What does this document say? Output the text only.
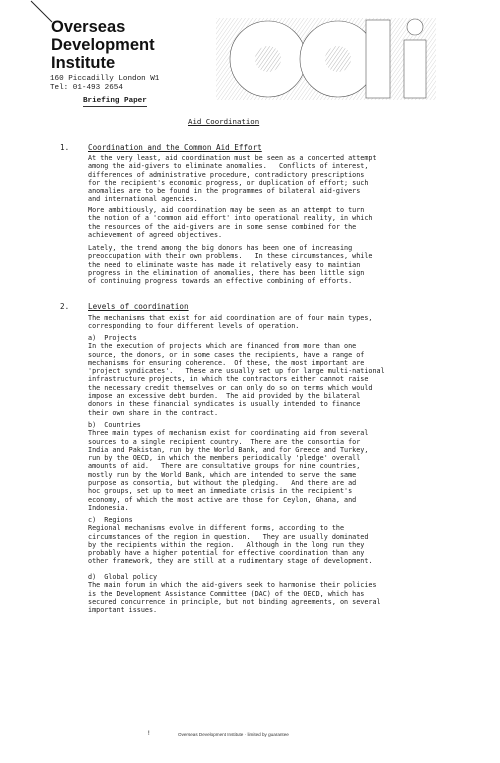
Overseas
Development
Institute
160 Piccadilly London W1
Tel: 01-493 2654
Briefing Paper
Aid Coordination
1. Coordination and the Common Aid Effort
At the very least, aid coordination must be seen as a concerted attempt
among the aid-givers to eliminate anomalies.   Conflicts of interest,
differences of administrative procedure, contradictory prescriptions
for the recipient's economic progress, or duplication of effort; such
anomalies are to be found in the programmes of bilateral aid-givers
and international agencies.
More ambitiously, aid coordination may be seen as an attempt to turn
the notion of a 'common aid effort' into operational reality, in which
the resources of the aid-givers are in some sense combined for the
achievement of agreed objectives.
Lately, the trend among the big donors has been one of increasing
preoccupation with their own problems.   In these circumstances, while
the need to eliminate waste has made it relatively easy to maintian
progress in the elimination of anomalies, there has been little sign
of continuing progress towards an effective combining of efforts.
2. Levels of coordination
The mechanisms that exist for aid coordination are of four main types,
corresponding to four different levels of operation.
a)  Projects
In the execution of projects which are financed from more than one
source, the donors, or in some cases the recipients, have a range of
mechanisms for ensuring coherence.  Of these, the most important are
'project syndicates'.   These are usually set up for large multi-national
infrastructure projects, in which the contractors either cannot raise
the necessary credit themselves or can only do so on terms which would
impose an excessive debt burden.  The aid provided by the bilateral
donors in these financial syndicates is usually intended to finance
their own share in the contract.
b)  Countries
Three main types of mechanism exist for coordinating aid from several
sources to a single recipient country.  There are the consortia for
India and Pakistan, run by the World Bank, and for Greece and Turkey,
run by the OECD, in which the members periodically 'pledge' overall
amounts of aid.   There are consultative groups for nine countries,
mostly run by the World Bank, which are intended to serve the same
purpose as consortia, but without the pledging.   And there are ad
hoc groups, set up to meet an immediate crisis in the recipient's
economy, of which the most active are those for Ceylon, Ghana, and
Indonesia.
c)  Regions
Regional mechanisms evolve in different forms, according to the
circumstances of the region in question.   They are usually dominated
by the recipients within the region.   Although in the long run they
probably have a higher potential for effective coordination than any
other framework, they are still at a rudimentary stage of development.
d)  Global policy
The main forum in which the aid-givers seek to harmonise their policies
is the Development Assistance Committee (DAC) of the OECD, which has
secured concurrence in principle, but not binding agreements, on several
important issues.
!	Overseas Development Institute · limited by guarantee
